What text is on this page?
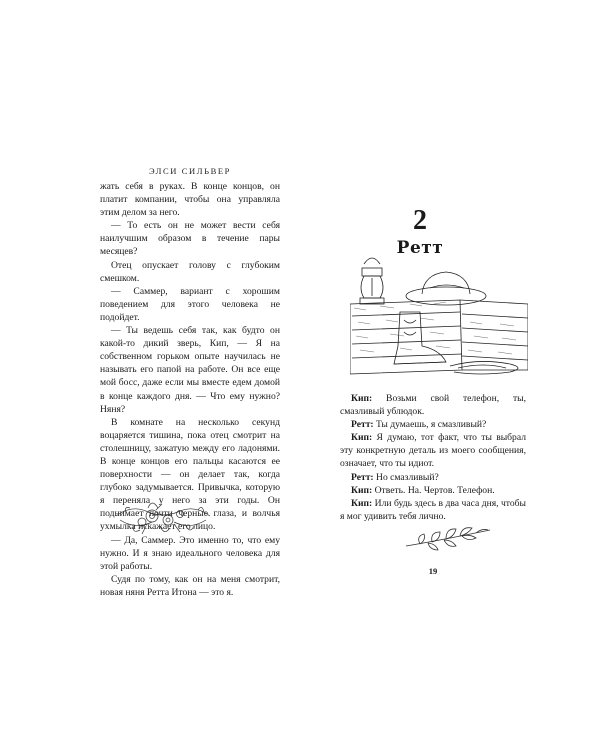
ЭЛСИ СИЛЬВЕР

жать себя в руках. В конце концов, он платит компании, чтобы она управляла этим делом за него.

— То есть он не может вести себя наилучшим образом в течение пары месяцев?

Отец опускает голову с глубоким смешком.

— Саммер, вариант с хорошим поведением для этого человека не подойдет.

— Ты ведешь себя так, как будто он какой-то дикий зверь, Кип, — Я на собственном горьком опыте научилась не называть его папой на работе. Он все еще мой босс, даже если мы вместе едем домой в конце каждого дня. — Что ему нужно? Няня?

В комнате на несколько секунд воцаряется тишина, пока отец смотрит на столешницу, зажатую между его ладонями. В конце концов его пальцы касаются ее поверхности — он делает так, когда глубоко задумывается. Привычка, которую я переняла у него за эти годы. Он поднимает почти черные глаза, и волчья ухмылка искажает его лицо.

— Да, Саммер. Это именно то, что ему нужно. И я знаю идеального человека для этой работы.

Судя по тому, как он на меня смотрит, новая няня Ретта Итона — это я.

2
Ретт

Кип: Возьми свой телефон, ты, смазливый ублюдок.

Ретт: Ты думаешь, я смазливый?

Кип: Я думаю, тот факт, что ты выбрал эту конкретную деталь из моего сообщения, означает, что ты идиот.

Ретт: Но смазливый?

Кип: Ответь. На. Чертов. Телефон.

Кип: Или будь здесь в два часа дня, чтобы я мог удивить тебя лично.

19
